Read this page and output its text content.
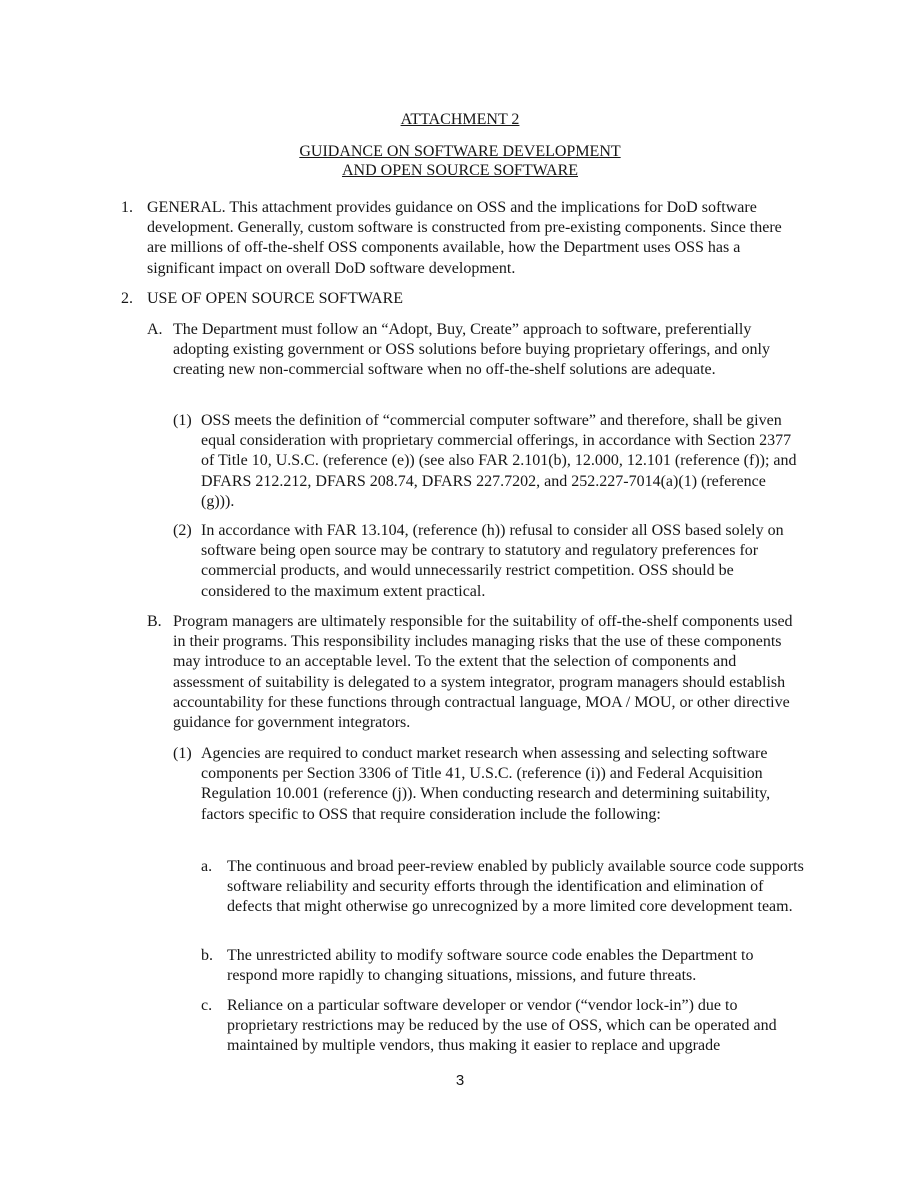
ATTACHMENT 2
GUIDANCE ON SOFTWARE DEVELOPMENT
AND OPEN SOURCE SOFTWARE
1. GENERAL. This attachment provides guidance on OSS and the implications for DoD software development. Generally, custom software is constructed from pre-existing components. Since there are millions of off-the-shelf OSS components available, how the Department uses OSS has a significant impact on overall DoD software development.
2. USE OF OPEN SOURCE SOFTWARE
A. The Department must follow an “Adopt, Buy, Create” approach to software, preferentially adopting existing government or OSS solutions before buying proprietary offerings, and only creating new non-commercial software when no off-the-shelf solutions are adequate.
(1) OSS meets the definition of “commercial computer software” and therefore, shall be given equal consideration with proprietary commercial offerings, in accordance with Section 2377 of Title 10, U.S.C. (reference (e)) (see also FAR 2.101(b), 12.000, 12.101 (reference (f)); and DFARS 212.212, DFARS 208.74, DFARS 227.7202, and 252.227-7014(a)(1) (reference (g))).
(2) In accordance with FAR 13.104, (reference (h)) refusal to consider all OSS based solely on software being open source may be contrary to statutory and regulatory preferences for commercial products, and would unnecessarily restrict competition. OSS should be considered to the maximum extent practical.
B. Program managers are ultimately responsible for the suitability of off-the-shelf components used in their programs. This responsibility includes managing risks that the use of these components may introduce to an acceptable level. To the extent that the selection of components and assessment of suitability is delegated to a system integrator, program managers should establish accountability for these functions through contractual language, MOA / MOU, or other directive guidance for government integrators.
(1) Agencies are required to conduct market research when assessing and selecting software components per Section 3306 of Title 41, U.S.C. (reference (i)) and Federal Acquisition Regulation 10.001 (reference (j)). When conducting research and determining suitability, factors specific to OSS that require consideration include the following:
a. The continuous and broad peer-review enabled by publicly available source code supports software reliability and security efforts through the identification and elimination of defects that might otherwise go unrecognized by a more limited core development team.
b. The unrestricted ability to modify software source code enables the Department to respond more rapidly to changing situations, missions, and future threats.
c. Reliance on a particular software developer or vendor (“vendor lock-in”) due to proprietary restrictions may be reduced by the use of OSS, which can be operated and maintained by multiple vendors, thus making it easier to replace and upgrade
3
